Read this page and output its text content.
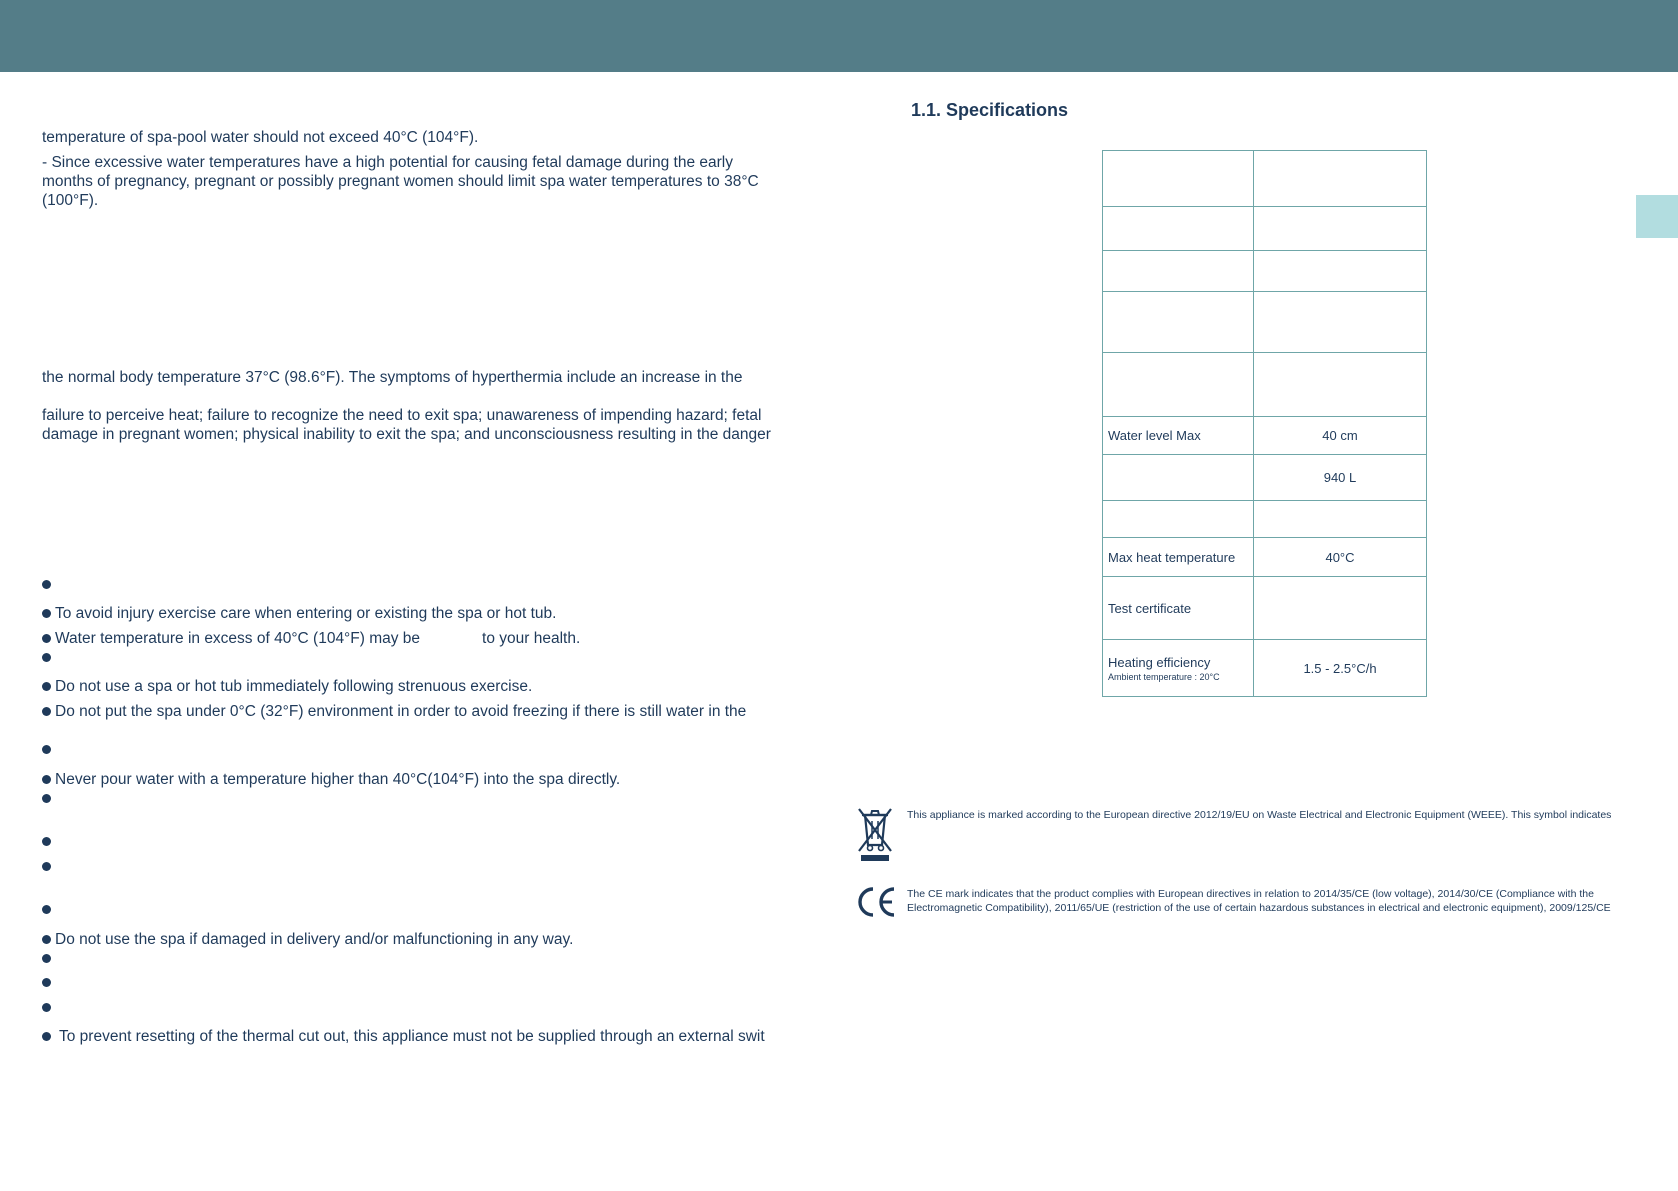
temperature of spa-pool water should not exceed 40°C (104°F).

- Since excessive water temperatures have a high potential for causing fetal damage during the early
months of pregnancy, pregnant or possibly pregnant women should limit spa water temperatures to 38°C
(100°F).

the normal body temperature 37°C (98.6°F). The symptoms of hyperthermia include an increase in the

failure to perceive heat; failure to recognize the need to exit spa; unawareness of impending hazard; fetal
damage in pregnant women; physical inability to exit the spa; and unconsciousness resulting in the danger

To avoid injury exercise care when entering or existing the spa or hot tub.
Water temperature in excess of 40°C (104°F) may be	to your health.
Do not use a spa or hot tub immediately following strenuous exercise.
Do not put the spa under 0°C (32°F) environment in order to avoid freezing if there is still water in the
Never pour water with a temperature higher than 40°C(104°F) into the spa directly.
Do not use the spa if damaged in delivery and/or malfunctioning in any way.
To prevent resetting of the thermal cut out, this appliance must not be supplied through an external swit
1.1. Specifications

Water level Max	40 cm
	940 L

Max heat temperature	40°C
Test certificate	
Heating efficiency
Ambient temperature : 20°C	1.5 - 2.5°C/h

This appliance is marked according to the European directive 2012/19/EU on Waste Electrical and Electronic Equipment (WEEE). This symbol indicates

The CE mark indicates that the product complies with European directives in relation to 2014/35/CE (low voltage), 2014/30/CE (Compliance with the
Electromagnetic Compatibility), 2011/65/UE (restriction of the use of certain hazardous substances in electrical and electronic equipment), 2009/125/CE
